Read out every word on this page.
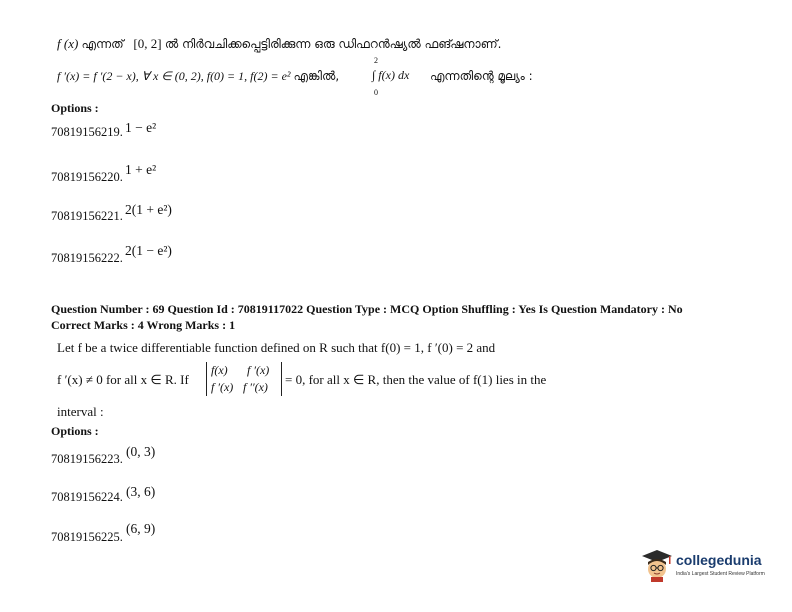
f (x) എന്നത് [0, 2] ൽ നിർവചിക്കപ്പെട്ടിരിക്കുന്ന ഒരു ഡിഫറൻഷ്യൽ ഫങ്ഷനാണ്.
f ′(x) = f ′(2 − x), ∀ x ∈ (0, 2), f(0) = 1, f(2) = e² എങ്കിൽ,
2
0
∫ f(x) dx എന്നതിന്റെ മൂല്യം :
Options :
70819156219. 1 − e²
70819156220. 1 + e²
70819156221. 2(1 + e²)
70819156222. 2(1 − e²)
Question Number : 69 Question Id : 70819117022 Question Type : MCQ Option Shuffling : Yes Is Question Mandatory : No
Correct Marks : 4 Wrong Marks : 1
Let f be a twice differentiable function defined on R such that f(0) = 1, f ′(0) = 2 and
f ′(x) ≠ 0 for all x ∈ R. If
f(x) f ′(x)
f ′(x) f ′′(x) = 0, for all x ∈ R, then the value of f(1) lies in the
interval :
Options :
70819156223. (0, 3)
70819156224. (3, 6)
70819156225.
(6, 9)
collegedunia
India's Largest Student Review Platform
